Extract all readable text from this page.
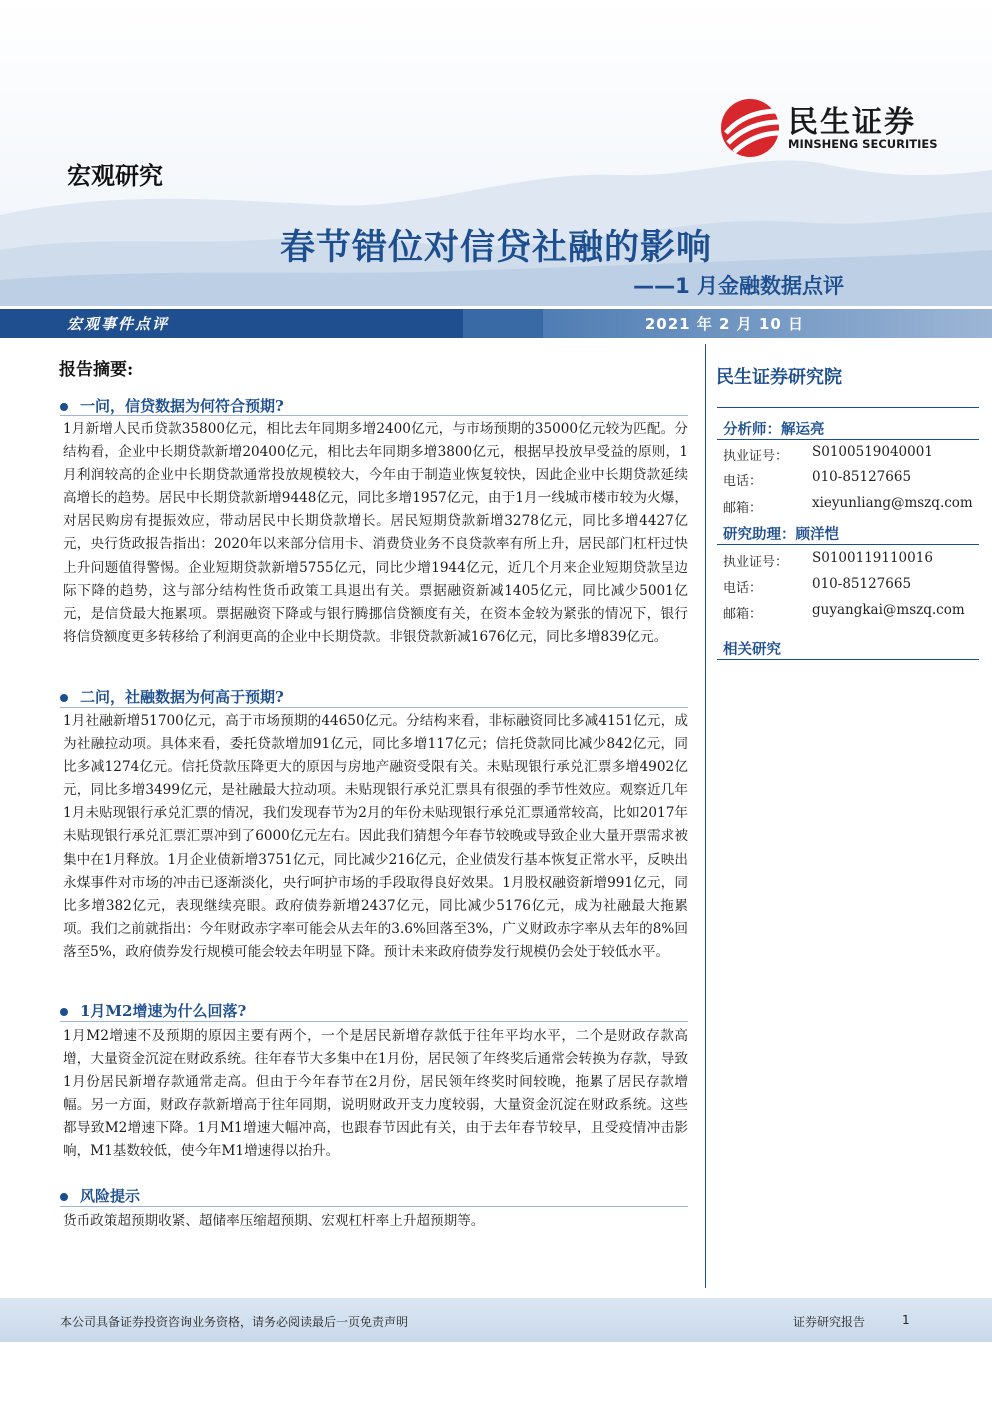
民生证券
MINSHENG SECURITIES
宏观研究
春节错位对信贷社融的影响
——1 月金融数据点评
宏观事件点评	2021 年 2 月 10 日
报告摘要:
一问，信贷数据为何符合预期?
1月新增人民币贷款35800亿元，相比去年同期多增2400亿元，与市场预期的35000亿元较为匹配。分结构看，企业中长期贷款新增20400亿元，相比去年同期多增3800亿元，根据早投放早受益的原则，1月利润较高的企业中长期贷款通常投放规模较大，今年由于制造业恢复较快，因此企业中长期贷款延续高增长的趋势。居民中长期贷款新增9448亿元，同比多增1957亿元，由于1月一线城市楼市较为火爆，对居民购房有提振效应，带动居民中长期贷款增长。居民短期贷款新增3278亿元，同比多增4427亿元，央行货政报告指出：2020年以来部分信用卡、消费贷业务不良贷款率有所上升，居民部门杠杆过快上升问题值得警惕。企业短期贷款新增5755亿元，同比少增1944亿元，近几个月来企业短期贷款呈边际下降的趋势，这与部分结构性货币政策工具退出有关。票据融资新减1405亿元，同比减少5001亿元，是信贷最大拖累项。票据融资下降或与银行腾挪信贷额度有关，在资本金较为紧张的情况下，银行将信贷额度更多转移给了利润更高的企业中长期贷款。非银贷款新减1676亿元，同比多增839亿元。
二问，社融数据为何高于预期?
1月社融新增51700亿元，高于市场预期的44650亿元。分结构来看，非标融资同比多减4151亿元，成为社融拉动项。具体来看，委托贷款增加91亿元，同比多增117亿元；信托贷款同比减少842亿元，同比多减1274亿元。信托贷款压降更大的原因与房地产融资受限有关。未贴现银行承兑汇票多增4902亿元，同比多增3499亿元，是社融最大拉动项。未贴现银行承兑汇票具有很强的季节性效应。观察近几年1月未贴现银行承兑汇票的情况，我们发现春节为2月的年份未贴现银行承兑汇票通常较高，比如2017年未贴现银行承兑汇票汇票冲到了6000亿元左右。因此我们猜想今年春节较晚或导致企业大量开票需求被集中在1月释放。1月企业债新增3751亿元，同比减少216亿元，企业债发行基本恢复正常水平，反映出永煤事件对市场的冲击已逐渐淡化，央行呵护市场的手段取得良好效果。1月股权融资新增991亿元，同比多增382亿元，表现继续亮眼。政府债券新增2437亿元，同比减少5176亿元，成为社融最大拖累项。我们之前就指出：今年财政赤字率可能会从去年的3.6%回落至3%，广义财政赤字率从去年的8%回落至5%，政府债券发行规模可能会较去年明显下降。预计未来政府债券发行规模仍会处于较低水平。
1月M2增速为什么回落?
1月M2增速不及预期的原因主要有两个，一个是居民新增存款低于往年平均水平，二个是财政存款高增，大量资金沉淀在财政系统。往年春节大多集中在1月份，居民领了年终奖后通常会转换为存款，导致1月份居民新增存款通常走高。但由于今年春节在2月份，居民领年终奖时间较晚，拖累了居民存款增幅。另一方面，财政存款新增高于往年同期，说明财政开支力度较弱，大量资金沉淀在财政系统。这些都导致M2增速下降。1月M1增速大幅冲高，也跟春节因此有关，由于去年春节较早，且受疫情冲击影响，M1基数较低，使今年M1增速得以抬升。
风险提示
货币政策超预期收紧、超储率压缩超预期、宏观杠杆率上升超预期等。
民生证券研究院
分析师：解运亮
执业证号： S0100519040001
电话：	010-85127665
邮箱：	xieyunliang@mszq.com
研究助理：顾洋恺
执业证号： S0100119110016
电话：	010-85127665
邮箱：	guyangkai@mszq.com
相关研究
本公司具备证券投资咨询业务资格，请务必阅读最后一页免责声明	证券研究报告	1
